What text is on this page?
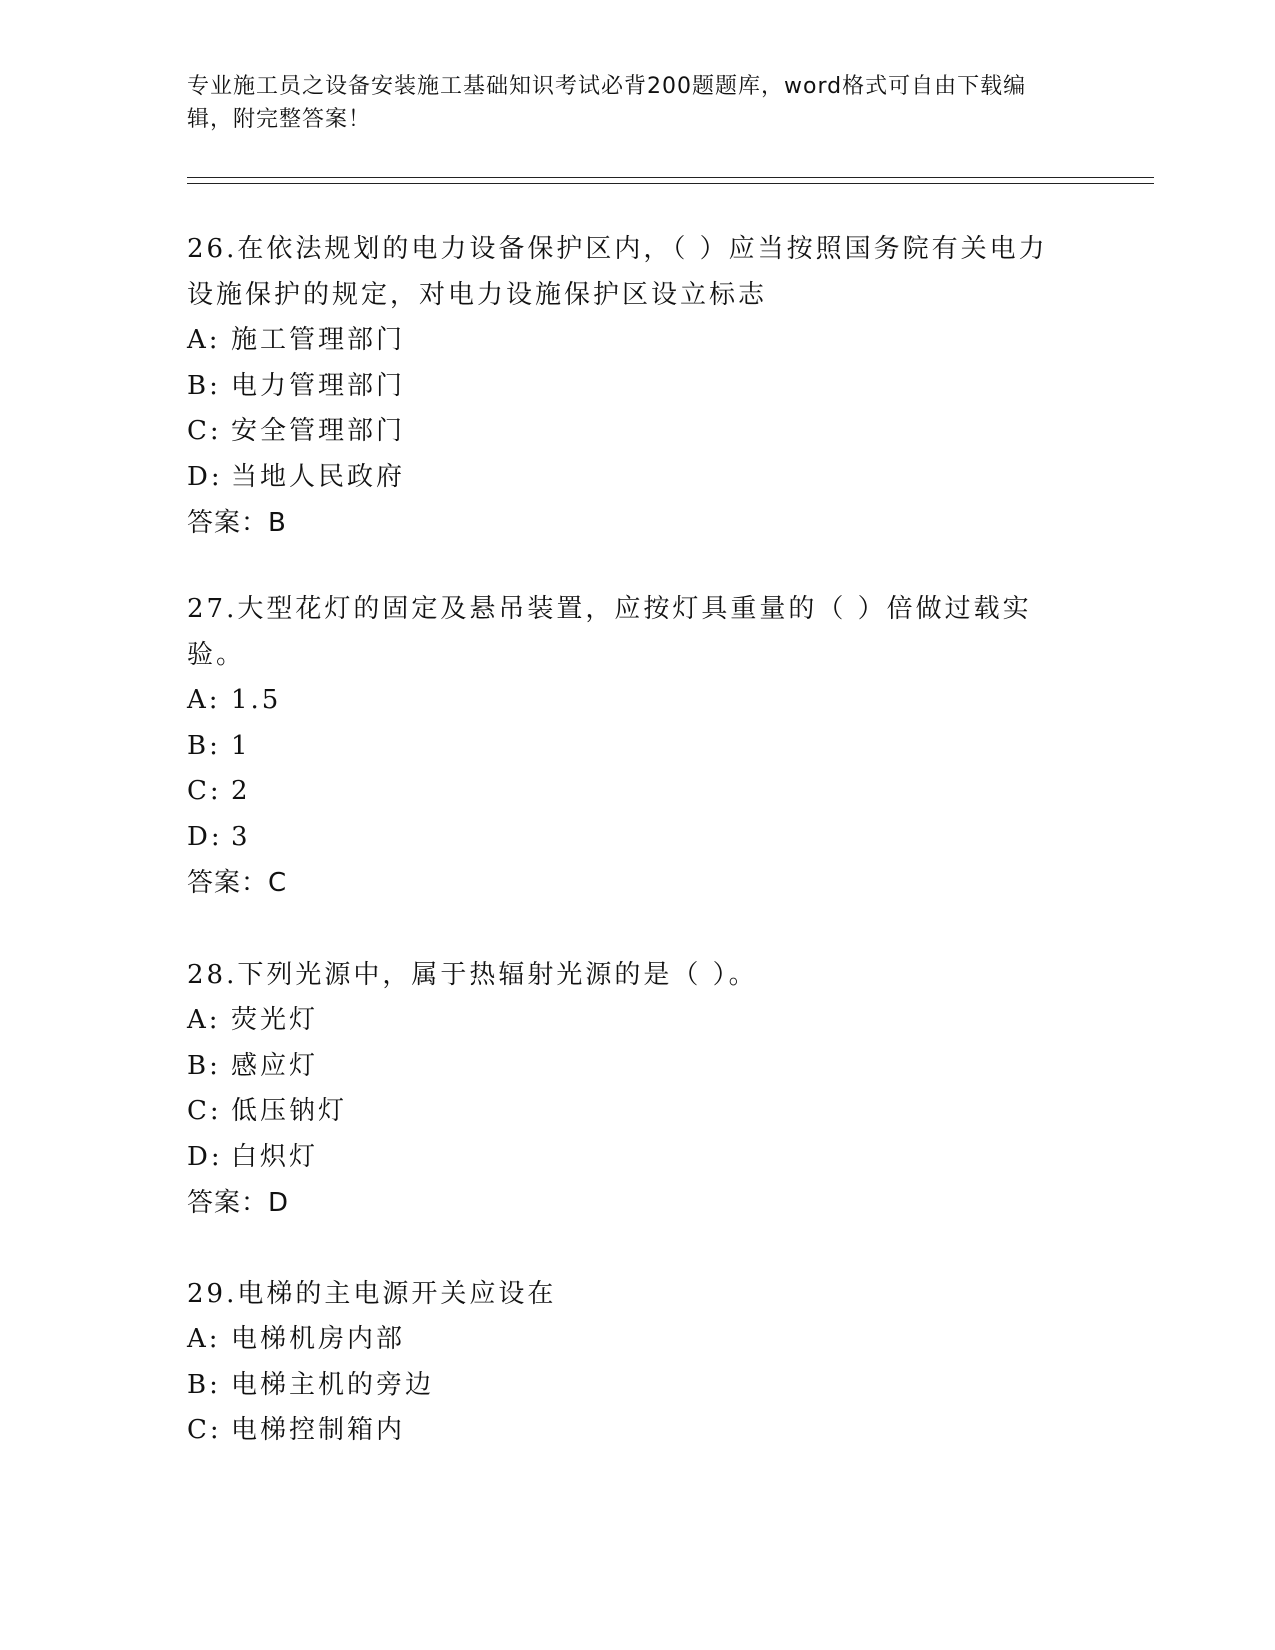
专业施工员之设备安装施工基础知识考试必背200题题库，word格式可自由下载编辑，附完整答案！
26.在依法规划的电力设备保护区内，（ ）应当按照国务院有关电力设施保护的规定，对电力设施保护区设立标志
A: 施工管理部门
B: 电力管理部门
C: 安全管理部门
D: 当地人民政府
答案：B
27.大型花灯的固定及悬吊装置，应按灯具重量的（ ）倍做过载实验。
A: 1.5
B: 1
C: 2
D: 3
答案：C
28.下列光源中，属于热辐射光源的是（ ）。
A: 荧光灯
B: 感应灯
C: 低压钠灯
D: 白炽灯
答案：D
29.电梯的主电源开关应设在
A: 电梯机房内部
B: 电梯主机的旁边
C: 电梯控制箱内
